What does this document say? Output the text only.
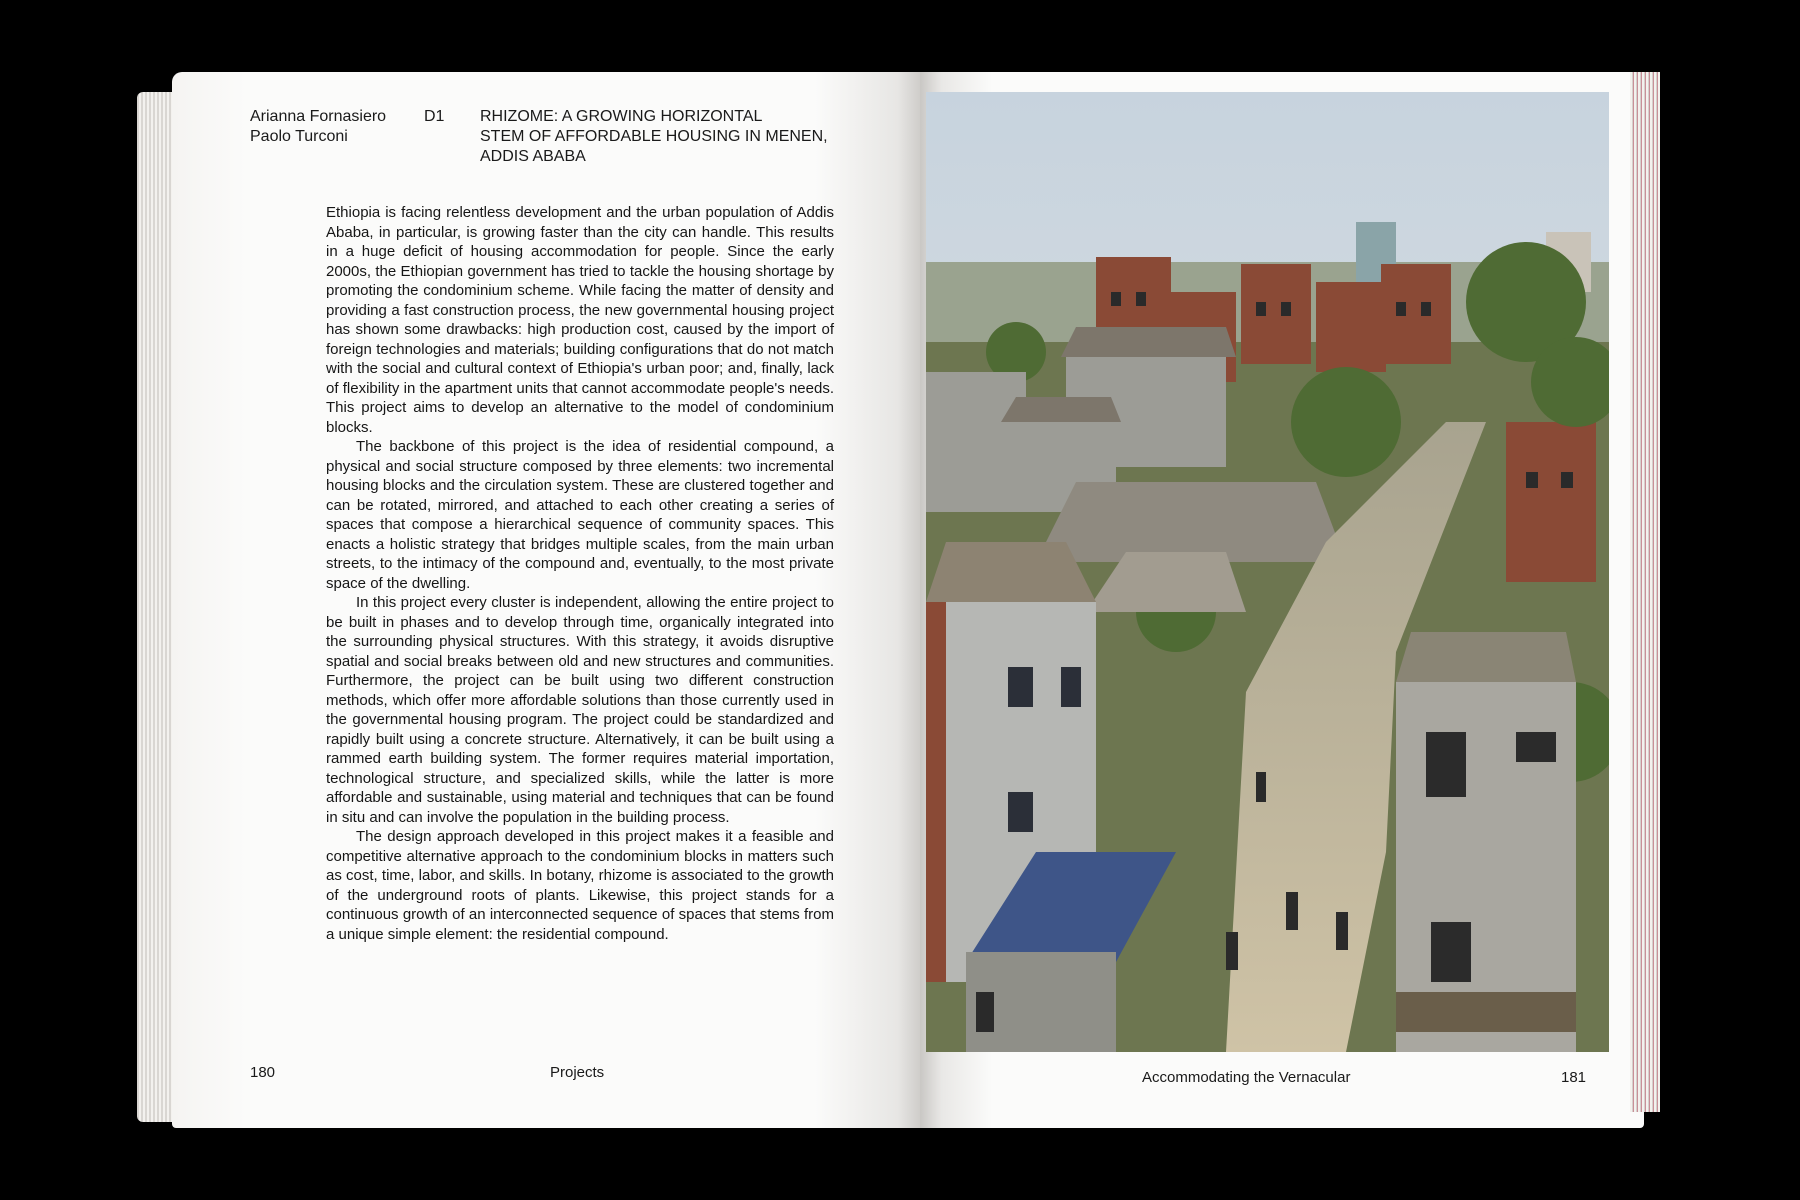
Arianna Fornasiero
Paolo Turconi
D1	RHIZOME: A GROWING HORIZONTAL
STEM OF AFFORDABLE HOUSING IN MENEN,
ADDIS ABABA

Ethiopia is facing relentless development and the urban population of Addis Ababa, in particular, is growing faster than the city can handle. This results in a huge deficit of housing accommodation for people. Since the early 2000s, the Ethiopian government has tried to tackle the housing shortage by promoting the condominium scheme. While facing the matter of density and providing a fast construction process, the new governmental housing project has shown some drawbacks: high production cost, caused by the import of foreign technologies and materials; building configurations that do not match with the social and cultural context of Ethiopia's urban poor; and, finally, lack of flexibility in the apartment units that cannot accommodate people's needs. This project aims to develop an alternative to the model of condominium blocks.

The backbone of this project is the idea of residential compound, a physical and social structure composed by three elements: two incremental housing blocks and the circulation system. These are clustered together and can be rotated, mirrored, and attached to each other creating a series of spaces that compose a hierarchical sequence of community spaces. This enacts a holistic strategy that bridges multiple scales, from the main urban streets, to the intimacy of the compound and, eventually, to the most private space of the dwelling.

In this project every cluster is independent, allowing the entire project to be built in phases and to develop through time, organically integrated into the surrounding physical structures. With this strategy, it avoids disruptive spatial and social breaks between old and new structures and communities. Furthermore, the project can be built using two different construction methods, which offer more affordable solutions than those currently used in the governmental housing program. The project could be standardized and rapidly built using a concrete structure. Alternatively, it can be built using a rammed earth building system. The former requires material importation, technological structure, and specialized skills, while the latter is more affordable and sustainable, using material and techniques that can be found in situ and can involve the population in the building process.

The design approach developed in this project makes it a feasible and competitive alternative approach to the condominium blocks in matters such as cost, time, labor, and skills. In botany, rhizome is associated to the growth of the underground roots of plants. Likewise, this project stands for a continuous growth of an interconnected sequence of spaces that stems from a unique simple element: the residential compound.

180	Projects	Accommodating the Vernacular	181
